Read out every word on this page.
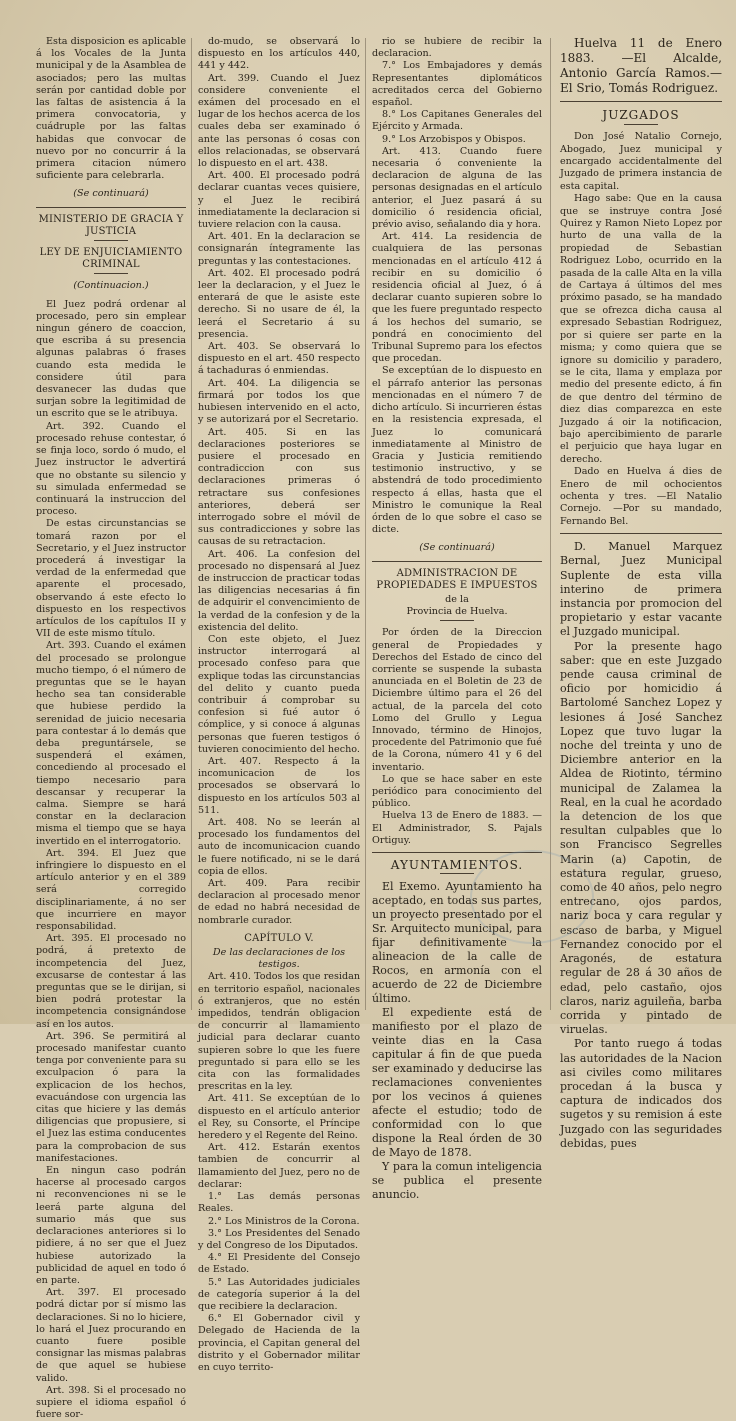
Esta disposicion es aplicable á los Vocales de la Junta municipal y de la Asamblea de asociados; pero las multas serán por cantidad doble por las faltas de asistencia á la primera convocatoria, y cuádruple por las faltas habidas que convocar de nuevo por no concurrir á la primera citacion número suficiente para celebrarla.

(Se continuará)
MINISTERIO DE GRACIA Y JUSTICIA
LEY DE ENJUICIAMIENTO CRIMINAL
(Continuacion.)

El Juez podrá ordenar al procesado, pero sin emplear ningun género de coaccion, que escriba á su presencia algunas palabras ó frases cuando esta medida le considere útil para desvanecer las dudas que surjan sobre la legitimidad de un escrito que se le atribuya.

Art. 392. Cuando el procesado rehuse contestar, ó se finja loco, sordo ó mudo, el Juez instructor le advertirá que no obstante su silencio y su simulada enfermedad se continuará la instruccion del proceso.

De estas circunstancias se tomará razon por el Secretario, y el Juez instructor procederá á investigar la verdad de la enfermedad que aparente el procesado, observando á este efecto lo dispuesto en los respectivos artículos de los capítulos II y VII de este mismo título.

Art. 393. Cuando el exámen del procesado se prolongue mucho tiempo, ó el número de preguntas que se le hayan hecho sea tan considerable que hubiese perdido la serenidad de juicio necesaria para contestar á lo demás que deba preguntársele, se suspenderá el exámen, concediendo al procesado el tiempo necesario para descansar y recuperar la calma. Siempre se hará constar en la declaracion misma el tiempo que se haya invertido en el interrogatorio.

Art. 394. El Juez que infringiere lo dispuesto en el artículo anterior y en el 389 será corregido disciplinariamente, á no ser que incurriere en mayor responsabilidad.

Art. 395. El procesado no podrá, á pretexto de incompetencia del Juez, excusarse de contestar á las preguntas que se le dirijan, si bien podrá protestar la incompetencia consignándose así en los autos.

Art. 396. Se permitirá al procesado manifestar cuanto tenga por conveniente para su exculpacion ó para la explicacion de los hechos, evacuándose con urgencia las citas que hiciere y las demás diligencias que propusiere, si el Juez las estima conducentes para la comprobacion de sus manifestaciones.

En ningun caso podrán hacerse al procesado cargos ni reconvenciones ni se le leerá parte alguna del sumario más que sus declaraciones anteriores si lo pidiere, á no ser que el Juez hubiese autorizado la publicidad de aquel en todo ó en parte.

Art. 397. El procesado podrá dictar por sí mismo las declaraciones. Si no lo hiciere, lo hará el Juez procurando en cuanto fuere posible consignar las mismas palabras de que aquel se hubiese valido.

Art. 398. Si el procesado no supiere el idioma español ó fuere sor-

do-mudo, se observará lo dispuesto en los artículos 440, 441 y 442.

Art. 399. Cuando el Juez considere conveniente el exámen del procesado en el lugar de los hechos acerca de los cuales deba ser examinado ó ante las personas ó cosas con ellos relacionadas, se observará lo dispuesto en el art. 438.

Art. 400. El procesado podrá declarar cuantas veces quisiere, y el Juez le recibirá inmediatamente la declaracion si tuviere relacion con la causa.

Art. 401. En la declaracion se consignarán íntegramente las preguntas y las contestaciones.

Art. 402. El procesado podrá leer la declaracion, y el Juez le enterará de que le asiste este derecho. Si no usare de él, la leerá el Secretario á su presencia.

Art. 403. Se observará lo dispuesto en el art. 450 respecto á tachaduras ó enmiendas.

Art. 404. La diligencia se firmará por todos los que hubiesen intervenido en el acto, y se autorizará por el Secretario.

Art. 405. Si en las declaraciones posteriores se pusiere el procesado en contradiccion con sus declaraciones primeras ó retractare sus confesiones anteriores, deberá ser interrogado sobre el móvil de sus contradicciones y sobre las causas de su retractacion.

Art. 406. La confesion del procesado no dispensará al Juez de instruccion de practicar todas las diligencias necesarias á fin de adquirir el convencimiento de la verdad de la confesion y de la existencia del delito.

Con este objeto, el Juez instructor interrogará al procesado confeso para que explique todas las circunstancias del delito y cuanto pueda contribuir á comprobar su confesion si fué autor ó cómplice, y si conoce á algunas personas que fueren testigos ó tuvieren conocimiento del hecho.

Art. 407. Respecto á la incomunicacion de los procesados se observará lo dispuesto en los artículos 503 al 511.

Art. 408. No se leerán al procesado los fundamentos del auto de incomunicacion cuando le fuere notificado, ni se le dará copia de ellos.

Art. 409. Para recibir declaracion al procesado menor de edad no habrá necesidad de nombrarle curador.

CAPÍTULO V.
De las declaraciones de los testigos.

Art. 410. Todos los que residan en territorio español, nacionales ó extranjeros, que no estén impedidos, tendrán obligacion de concurrir al llamamiento judicial para declarar cuanto supieren sobre lo que les fuere preguntado si para ello se les cita con las formalidades prescritas en la ley.

Art. 411. Se exceptúan de lo dispuesto en el artículo anterior el Rey, su Consorte, el Príncipe heredero y el Regente del Reino.

Art. 412. Estarán exentos tambien de concurrir al llamamiento del Juez, pero no de declarar:

1.° Las demás personas Reales.

2.° Los Ministros de la Corona.

3.° Los Presidentes del Senado y del Congreso de los Diputados.

4.° El Presidente del Consejo de Estado.

5.° Las Autoridades judiciales de categoría superior á la del que recibiere la declaracion.

6.° El Gobernador civil y Delegado de Hacienda de la provincia, el Capitan general del distrito y el Gobernador militar en cuyo territo-

rio se hubiere de recibir la declaracion.

7.° Los Embajadores y demás Representantes diplomáticos acreditados cerca del Gobierno español.

8.° Los Capitanes Generales del Ejército y Armada.

9.° Los Arzobispos y Obispos.

Art. 413. Cuando fuere necesaria ó conveniente la declaracion de alguna de las personas designadas en el artículo anterior, el Juez pasará á su domicilio ó residencia oficial, prévio aviso, señalando dia y hora.

Art. 414. La residencia de cualquiera de las personas mencionadas en el artículo 412 á recibir en su domicilio ó residencia oficial al Juez, ó á declarar cuanto supieren sobre lo que les fuere preguntado respecto á los hechos del sumario, se pondrá en conocimiento del Tribunal Supremo para los efectos que procedan.

Se exceptúan de lo dispuesto en el párrafo anterior las personas mencionadas en el número 7 de dicho artículo. Si incurrieren éstas en la resistencia expresada, el Juez lo comunicará inmediatamente al Ministro de Gracia y Justicia remitiendo testimonio instructivo, y se abstendrá de todo procedimiento respecto á ellas, hasta que el Ministro le comunique la Real órden de lo que sobre el caso se dicte.

(Se continuará)
ADMINISTRACION DE PROPIEDADES E IMPUESTOS
de la
Provincia de Huelva.

Por órden de la Direccion general de Propiedades y Derechos del Estado de cinco del corriente se suspende la subasta anunciada en el Boletin de 23 de Diciembre último para el 26 del actual, de la parcela del coto Lomo del Grullo y Legua Innovado, término de Hinojos, procedente del Patrimonio que fué de la Corona, número 41 y 6 del inventario.

Lo que se hace saber en este periódico para conocimiento del público.

Huelva 13 de Enero de 1883. — El Administrador, S. Pajals Ortiguy.

AYUNTAMIENTOS.

El Exemo. Ayuntamiento ha aceptado, en todas sus partes, un proyecto presentado por el Sr. Arquitecto municipal, para fijar definitivamente la alineacion de la calle de Rocos, en armonía con el acuerdo de 22 de Diciembre último.

El expediente está de manifiesto por el plazo de veinte dias en la Casa capitular á fin de que pueda ser examinado y deducirse las reclamaciones convenientes por los vecinos á quienes afecte el estudio; todo de conformidad con lo que dispone la Real órden de 30 de Mayo de 1878.

Y para la comun inteligencia se publica el presente anuncio.

Huelva 11 de Enero 1883. —El Alcalde, Antonio García Ramos.—El Srio, Tomás Rodriguez.

JUZGADOS

Don José Natalio Cornejo, Abogado, Juez municipal y encargado accidentalmente del Juzgado de primera instancia de esta capital.

Hago sabe: Que en la causa que se instruye contra José Quirez y Ramon Nieto Lopez por hurto de una valla de la propiedad de Sebastian Rodriguez Lobo, ocurrido en la pasada de la calle Alta en la villa de Cartaya á últimos del mes próximo pasado, se ha mandado que se ofrezca dicha causa al expresado Sebastian Rodriguez, por si quiere ser parte en la misma; y como quiera que se ignore su domicilio y paradero, se le cita, llama y emplaza por medio del presente edicto, á fin de que dentro del término de diez dias comparezca en este Juzgado á oir la notificacion, bajo apercibimiento de pararle el perjuicio que haya lugar en derecho.

Dado en Huelva á dies de Enero de mil ochocientos ochenta y tres. —El Natalio Cornejo. —Por su mandado, Fernando Bel.

D. Manuel Marquez Bernal, Juez Municipal Suplente de esta villa interino de primera instancia por promocion del propietario y estar vacante el Juzgado municipal.

Por la presente hago saber: que en este Juzgado pende causa criminal de oficio por homicidio á Bartolomé Sanchez Lopez y lesiones á José Sanchez Lopez que tuvo lugar la noche del treinta y uno de Diciembre anterior en la Aldea de Riotinto, término municipal de Zalamea la Real, en la cual he acordado la detencion de los que resultan culpables que lo son Francisco Segrelles Marin (a) Capotin, de estatura regular, grueso, como de 40 años, pelo negro entrecano, ojos pardos, nariz boca y cara regular y escaso de barba, y Miguel Fernandez conocido por el Aragonés, de estatura regular de 28 á 30 años de edad, pelo castaño, ojos claros, nariz aguileña, barba corrida y pintado de viruelas.

Por tanto ruego á todas las autoridades de la Nacion asi civiles como militares procedan á la busca y captura de indicados dos sugetos y su remision á este Juzgado con las seguridades debidas, pues
